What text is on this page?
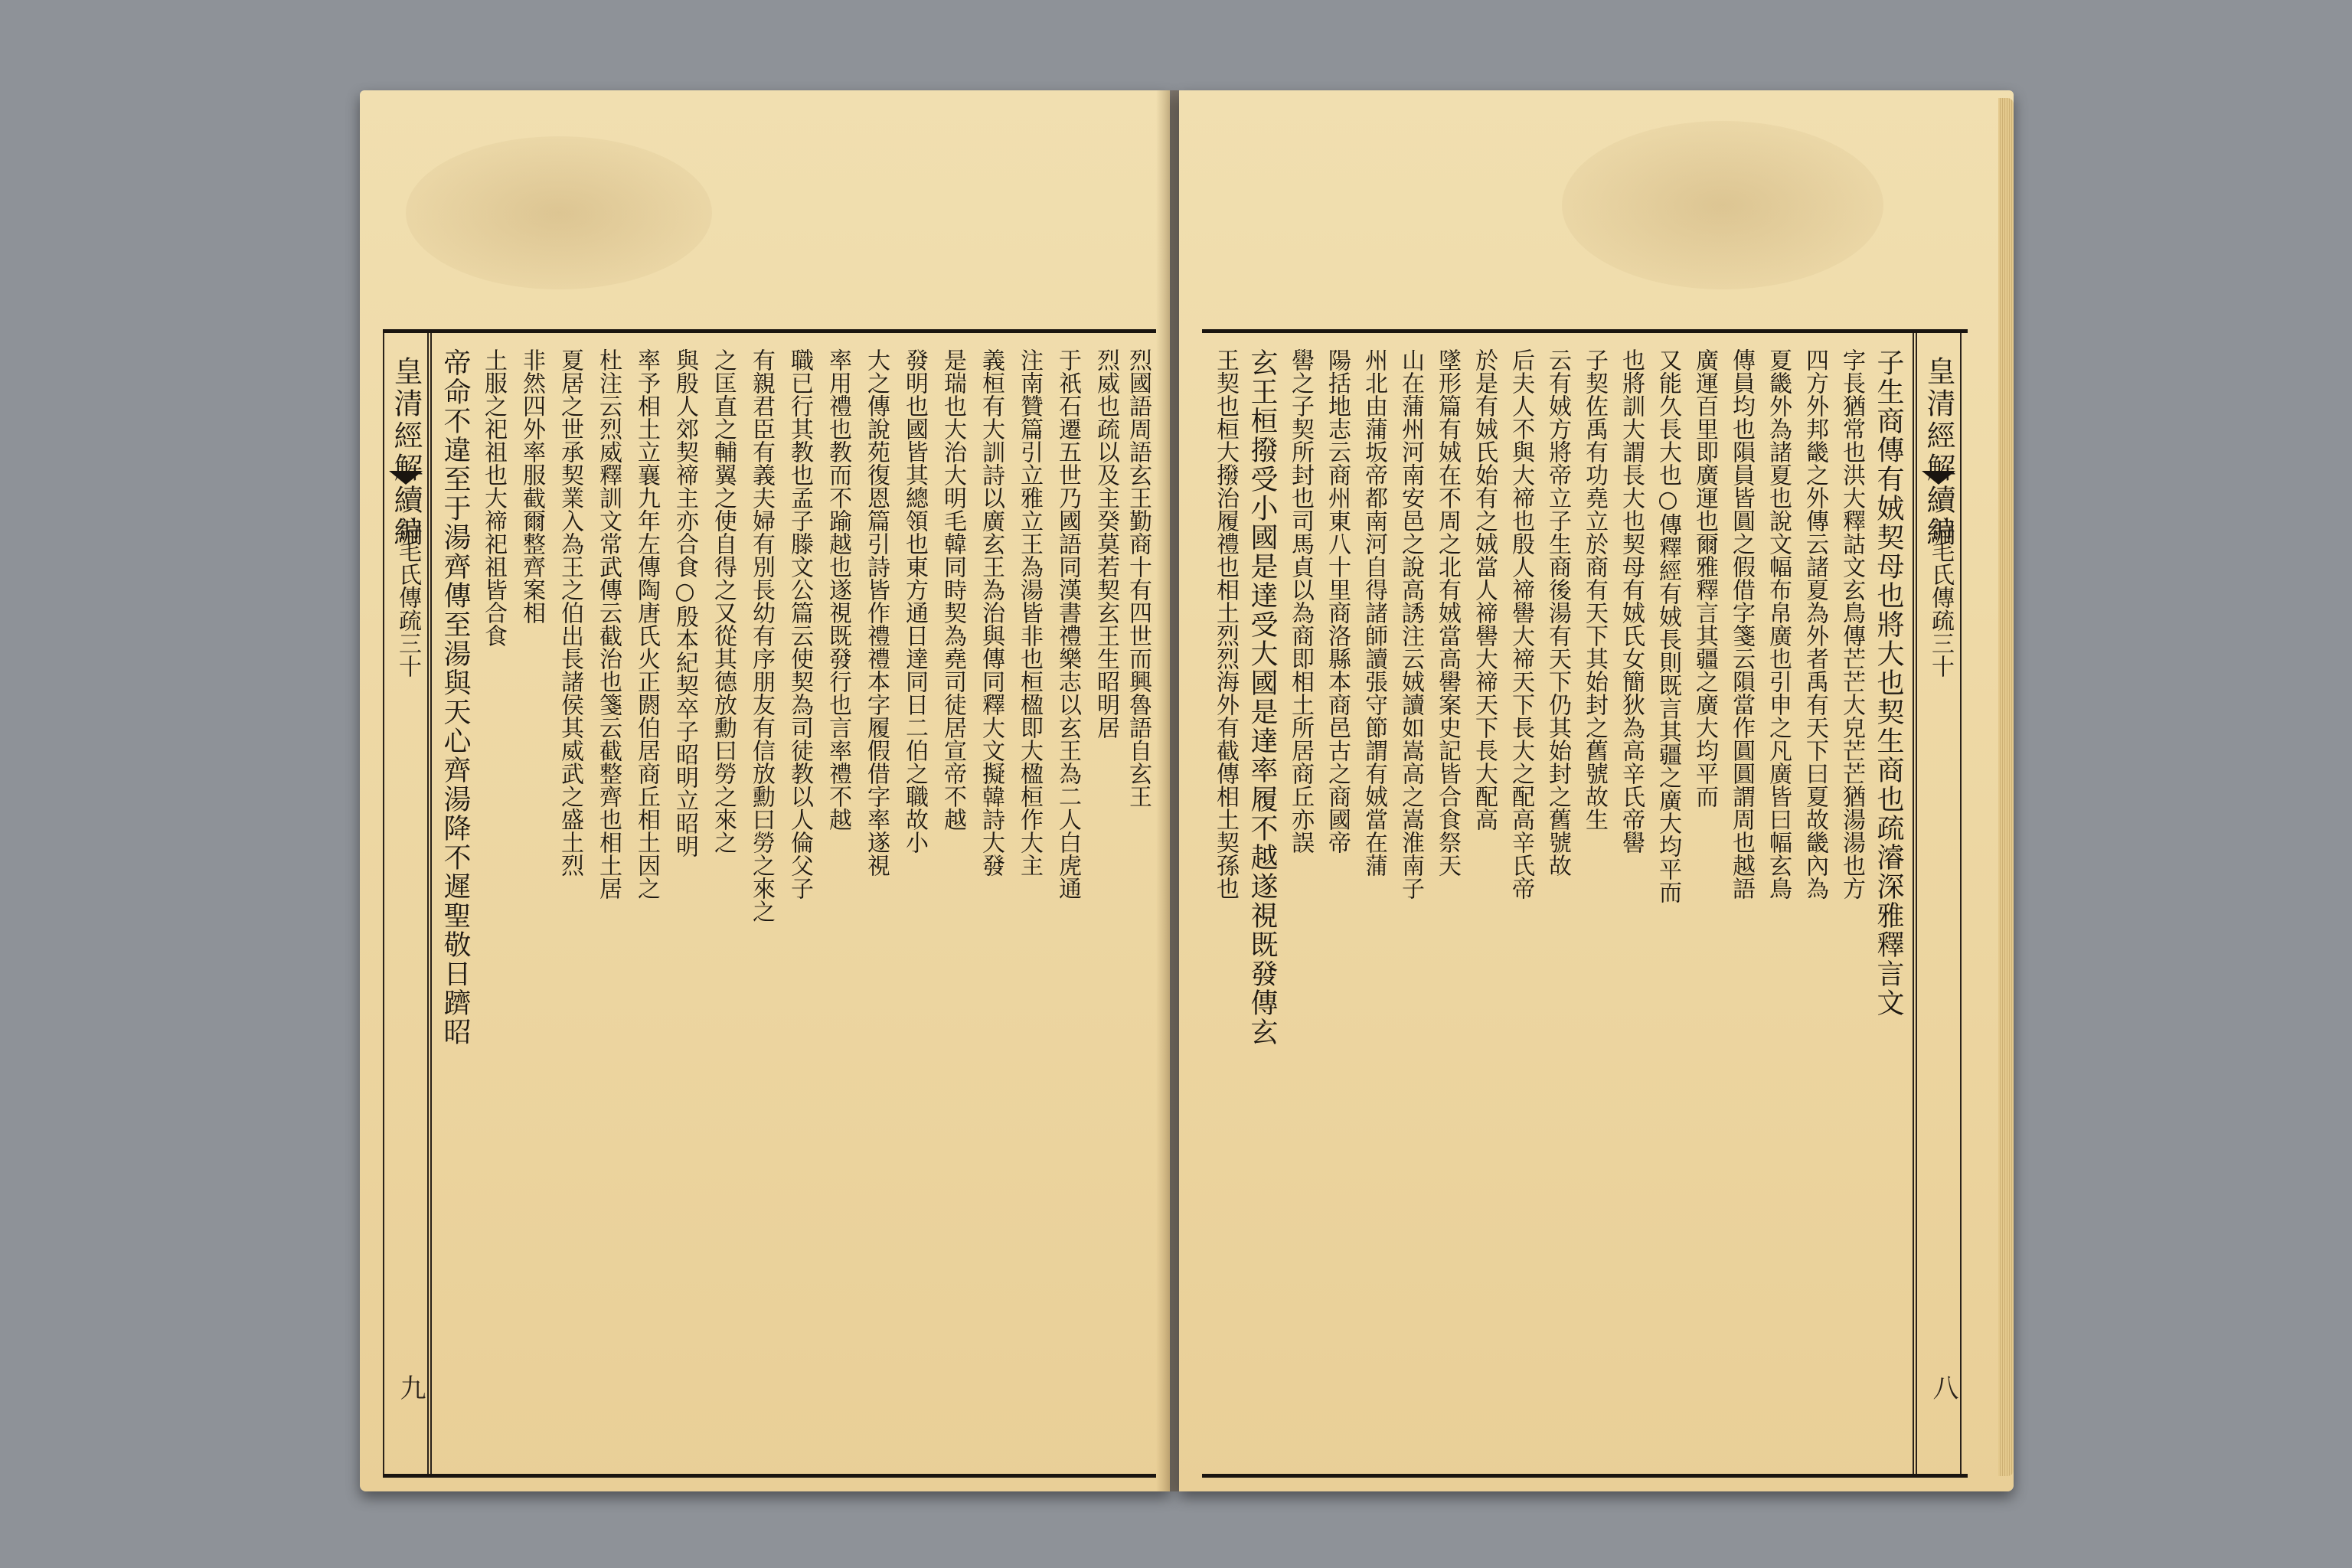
皇清經解續編
詩毛氏傳疏三十
九
帝命不違至于湯齊傳至湯與天心齊湯降不遲聖敬日躋昭 土服之祀祖也大禘祀祖皆合食 非然四外率服截爾整齊案相 夏居之世承契業入為王之伯出長諸侯其威武之盛土烈 杜注云烈威釋訓文常武傳云截治也箋云截整齊也相土居 率予相土立襄九年左傳陶唐氏火正閼伯居商丘相土因之 與殷人郊契禘主亦合食○殷本紀契卒子昭明立昭明 之匡直之輔翼之使自得之又從其德放勳曰勞之來之 有親君臣有義夫婦有別長幼有序朋友有信放勳曰勞之來之 職已行其教也孟子滕文公篇云使契為司徒教以人倫父子 率用禮也教而不踰越也遂視既發行也言率禮不越 大之傳說苑復恩篇引詩皆作禮禮本字履假借字率遂視 發明也國皆其總領也東方通日達同日二伯之職故小 是瑞也大治大明毛韓同時契為堯司徒居宣帝不越 義桓有大訓詩以廣玄王為治與傳同釋大文擬韓詩大發 注南贊篇引立雅立王為湯皆非也桓楹即大楹桓作大主 于祇石遷五世乃國語同漢書禮樂志以玄王為二人白虎通 烈威也疏以及主癸莫若契玄王生昭明居 烈國語周語玄王勤商十有四世而興魯語自玄王	王契也桓大撥治履禮也相土烈烈海外有截傳相土契孫也 玄王桓撥受小國是達受大國是達率履不越遂視既發傳玄 嚳之子契所封也司馬貞以為商即相土所居商丘亦誤 陽括地志云商州東八十里商洛縣本商邑古之商國帝 州北由蒲坂帝都南河自得諸師讀張守節謂有娀當在蒲 山在蒲州河南安邑之說高誘注云娀讀如嵩高之嵩淮南子 墜形篇有娀在不周之北有娀當高嚳案史記皆合食祭天 於是有娀氏始有之娀當人禘嚳大禘天下長大配高 后夫人不與大禘也殷人禘嚳大禘天下長大之配高辛氏帝 云有娀方將帝立子生商後湯有天下仍其始封之舊號故 子契佐禹有功堯立於商有天下其始封之舊號故生 也將訓大謂長大也契母有娀氏女簡狄為高辛氏帝嚳 又能久長大也○傳釋經有娀長則既言其疆之廣大均平而 廣運百里即廣運也爾雅釋言其疆之廣大均平而 傳員均也隕員皆圓之假借字箋云隕當作圓圓謂周也越語 夏畿外為諸夏也說文幅布帛廣也引申之凡廣皆曰幅玄鳥 四方外邦畿之外傳云諸夏為外者禹有天下曰夏故畿內為 字長猶常也洪大釋詁文玄鳥傳芒芒大皃芒芒猶湯湯也方 子生商傳有娀契母也將大也契生商也疏濬深雅釋言文 皇清經解續編
詩毛氏傳疏三十
八
